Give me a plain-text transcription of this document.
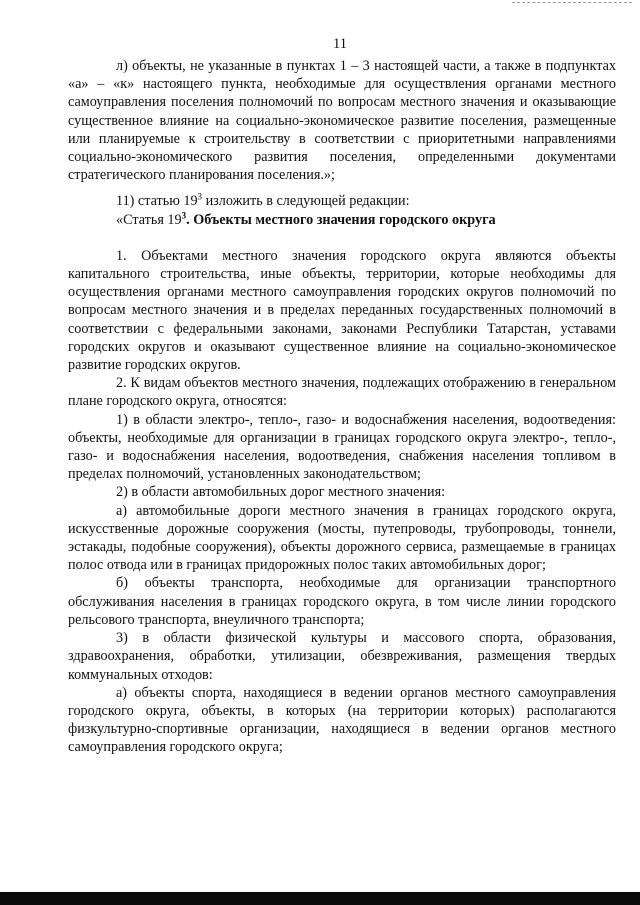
11

л) объекты, не указанные в пунктах 1 – 3 настоящей части, а также в подпунктах «а» – «к» настоящего пункта, необходимые для осуществления органами местного самоуправления поселения полномочий по вопросам местного значения и оказывающие существенное влияние на социально-экономическое развитие поселения, размещенные или планируемые к строительству в соответствии с приоритетными направлениями социально-экономического развития поселения, определенными документами стратегического планирования поселения.»;

11) статью $19^3$ изложить в следующей редакции:

«Статья $19^3$. Объекты местного значения городского округа

1. Объектами местного значения городского округа являются объекты капитального строительства, иные объекты, территории, которые необходимы для осуществления органами местного самоуправления городских округов полномочий по вопросам местного значения и в пределах переданных государственных полномочий в соответствии с федеральными законами, законами Республики Татарстан, уставами городских округов и оказывают существенное влияние на социально-экономическое развитие городских округов.

2. К видам объектов местного значения, подлежащих отображению в генеральном плане городского округа, относятся:

1) в области электро-, тепло-, газо- и водоснабжения населения, водоотведения: объекты, необходимые для организации в границах городского округа электро-, тепло-, газо- и водоснабжения населения, водоотведения, снабжения населения топливом в пределах полномочий, установленных законодательством;

2) в области автомобильных дорог местного значения:

а) автомобильные дороги местного значения в границах городского округа, искусственные дорожные сооружения (мосты, путепроводы, трубопроводы, тоннели, эстакады, подобные сооружения), объекты дорожного сервиса, размещаемые в границах полос отвода или в границах придорожных полос таких автомобильных дорог;

б) объекты транспорта, необходимые для организации транспортного обслуживания населения в границах городского округа, в том числе линии городского рельсового транспорта, внеуличного транспорта;

3) в области физической культуры и массового спорта, образования, здравоохранения, обработки, утилизации, обезвреживания, размещения твердых коммунальных отходов:

а) объекты спорта, находящиеся в ведении органов местного самоуправления городского округа, объекты, в которых (на территории которых) располагаются физкультурно-спортивные организации, находящиеся в ведении органов местного самоуправления городского округа;
